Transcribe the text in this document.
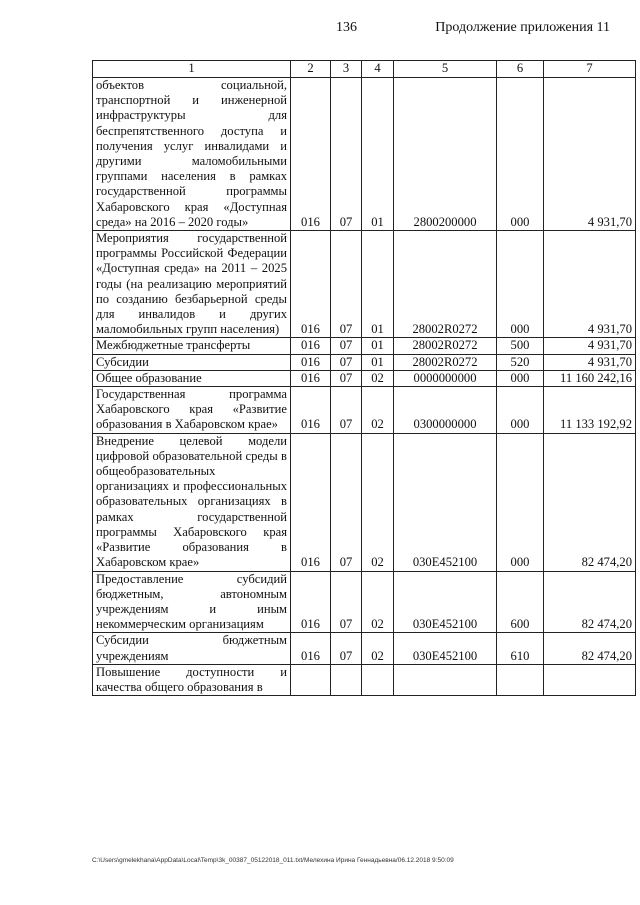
136	Продолжение приложения 11
1	2	3	4	5	6	7
объектов социальной, транспортной и инженерной инфраструктуры для беспрепятственного доступа и получения услуг инвалидами и другими маломобильными группами населения в рамках государственной программы Хабаровского края «Доступная среда» на 2016 – 2020 годы»	016	07	01	2800200000	000	4 931,70
Мероприятия государственной программы Российской Федерации «Доступная среда» на 2011 – 2025 годы (на реализацию мероприятий по созданию безбарьерной среды для инвалидов и других маломобильных групп населения)	016	07	01	28002R0272	000	4 931,70
Межбюджетные трансферты	016	07	01	28002R0272	500	4 931,70
Субсидии	016	07	01	28002R0272	520	4 931,70
Общее образование	016	07	02	0000000000	000	11 160 242,16
Государственная программа Хабаровского края «Развитие образования в Хабаровском крае»	016	07	02	0300000000	000	11 133 192,92
Внедрение целевой модели цифровой образовательной среды в общеобразовательных организациях и профессиональных образовательных организациях в рамках государственной программы Хабаровского края «Развитие образования в Хабаровском крае»	016	07	02	030Е452100	000	82 474,20
Предоставление субсидий бюджетным, автономным учреждениям и иным некоммерческим организациям	016	07	02	030Е452100	600	82 474,20
Субсидии бюджетным учреждениям	016	07	02	030Е452100	610	82 474,20
Повышение доступности и качества общего образования в						
C:\Users\gmelekhana\AppData\Local\Temp\3k_00387_05122018_011.txt/Мелехина Ирина Геннадьевна/06.12.2018 9:50:09
